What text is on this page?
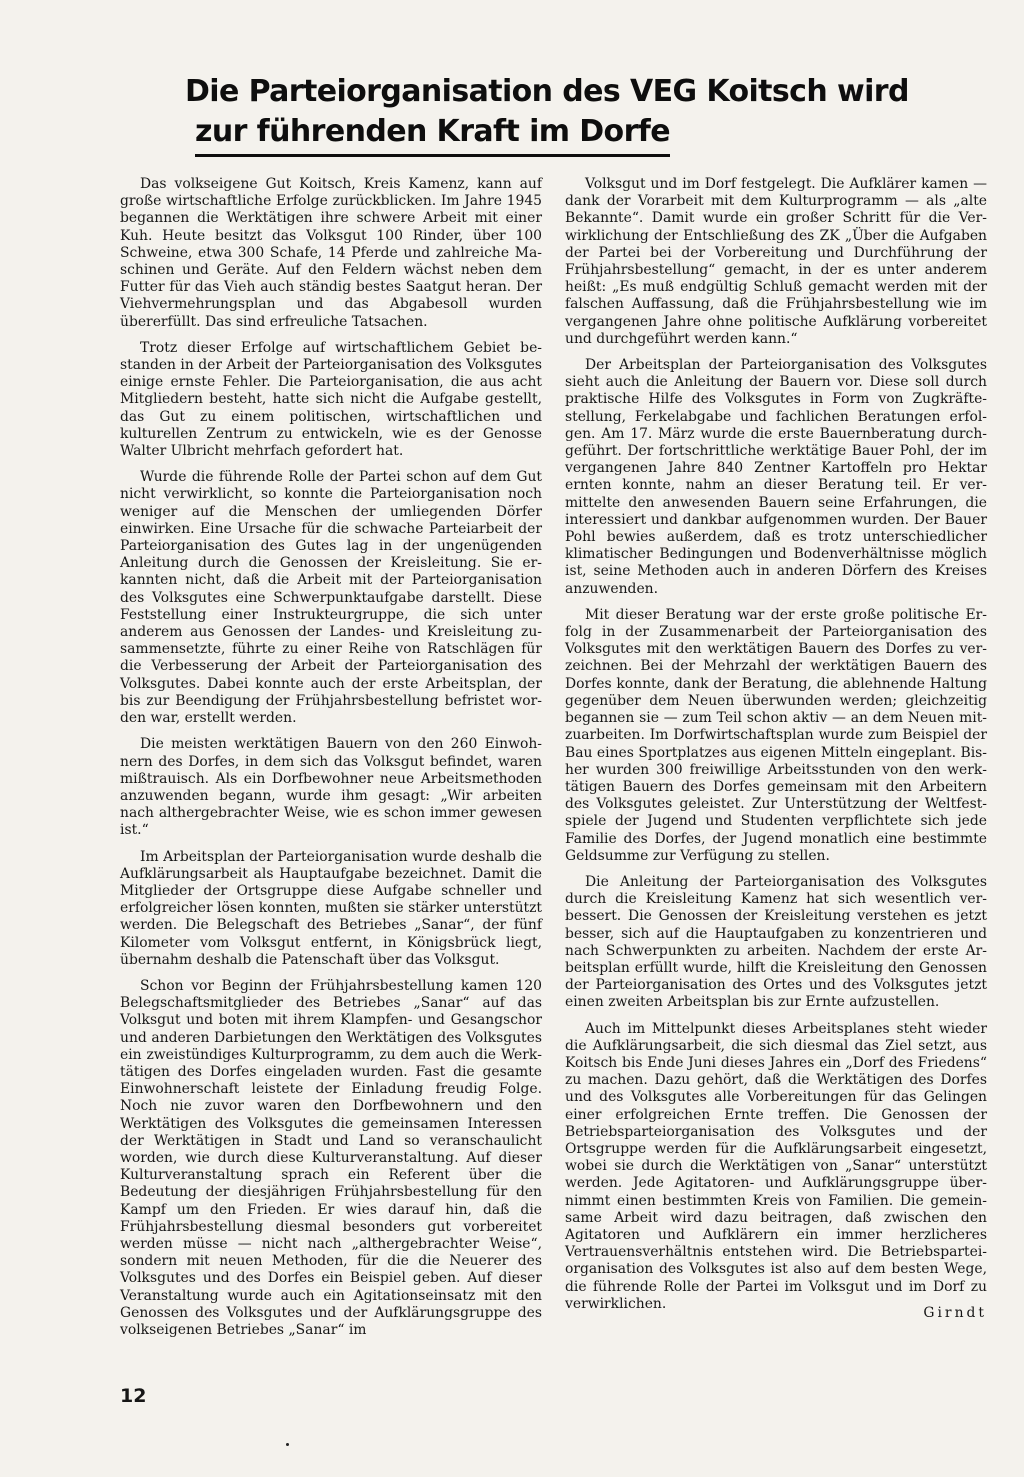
Die Parteiorganisation des VEG Koitsch wird
zur führenden Kraft im Dorfe

Das volkseigene Gut Koitsch, Kreis Kamenz, kann auf große wirtschaftliche Erfolge zurückblicken. Im Jahre 1945 begannen die Werktätigen ihre schwere Arbeit mit einer Kuh. Heute besitzt das Volksgut 100 Rinder, über 100 Schweine, etwa 300 Schafe, 14 Pferde und zahlreiche Maschinen und Geräte. Auf den Feldern wächst neben dem Futter für das Vieh auch ständig bestes Saatgut heran. Der Viehvermehrungsplan und das Abgabesoll wurden übererfüllt. Das sind erfreuliche Tatsachen.

Trotz dieser Erfolge auf wirtschaftlichem Gebiet bestanden in der Arbeit der Parteiorganisation des Volksgutes einige ernste Fehler. Die Parteiorganisation, die aus acht Mitgliedern besteht, hatte sich nicht die Aufgabe gestellt, das Gut zu einem politischen, wirtschaftlichen und kulturellen Zentrum zu entwickeln, wie es der Genosse Walter Ulbricht mehrfach gefordert hat.

Wurde die führende Rolle der Partei schon auf dem Gut nicht verwirklicht, so konnte die Parteiorganisation noch weniger auf die Menschen der umliegenden Dörfer einwirken. Eine Ursache für die schwache Parteiarbeit der Parteiorganisation des Gutes lag in der ungenügenden Anleitung durch die Genossen der Kreisleitung. Sie erkannten nicht, daß die Arbeit mit der Parteiorganisation des Volksgutes eine Schwerpunktaufgabe darstellt. Diese Feststellung einer Instrukteurgruppe, die sich unter anderem aus Genossen der Landes- und Kreisleitung zusammensetzte, führte zu einer Reihe von Ratschlägen für die Verbesserung der Arbeit der Parteiorganisation des Volksgutes. Dabei konnte auch der erste Arbeitsplan, der bis zur Beendigung der Frühjahrsbestellung befristet worden war, erstellt werden.

Die meisten werktätigen Bauern von den 260 Einwohnern des Dorfes, in dem sich das Volksgut befindet, waren mißtrauisch. Als ein Dorfbewohner neue Arbeitsmethoden anzuwenden begann, wurde ihm gesagt: „Wir arbeiten nach althergebrachter Weise, wie es schon immer gewesen ist.“

Im Arbeitsplan der Parteiorganisation wurde deshalb die Aufklärungsarbeit als Hauptaufgabe bezeichnet. Damit die Mitglieder der Ortsgruppe diese Aufgabe schneller und erfolgreicher lösen konnten, mußten sie stärker unterstützt werden. Die Belegschaft des Betriebes „Sanar“, der fünf Kilometer vom Volksgut entfernt, in Königsbrück liegt, übernahm deshalb die Patenschaft über das Volksgut.

Schon vor Beginn der Frühjahrsbestellung kamen 120 Belegschaftsmitglieder des Betriebes „Sanar“ auf das Volksgut und boten mit ihrem Klampfen- und Gesangschor und anderen Darbietungen den Werktätigen des Volksgutes ein zweistündiges Kulturprogramm, zu dem auch die Werktätigen des Dorfes eingeladen wurden. Fast die gesamte Einwohnerschaft leistete der Einladung freudig Folge. Noch nie zuvor waren den Dorfbewohnern und den Werktätigen des Volksgutes die gemeinsamen Interessen der Werktätigen in Stadt und Land so veranschaulicht worden, wie durch diese Kulturveranstaltung. Auf dieser Kulturveranstaltung sprach ein Referent über die Bedeutung der diesjährigen Frühjahrsbestellung für den Kampf um den Frieden. Er wies darauf hin, daß die Frühjahrsbestellung diesmal besonders gut vorbereitet werden müsse — nicht nach „althergebrachter Weise“, sondern mit neuen Methoden, für die die Neuerer des Volksgutes und des Dorfes ein Beispiel geben. Auf dieser Veranstaltung wurde auch ein Agitationseinsatz mit den Genossen des Volksgutes und der Aufklärungsgruppe des volkseigenen Betriebes „Sanar“ im

Volksgut und im Dorf festgelegt. Die Aufklärer kamen — dank der Vorarbeit mit dem Kulturprogramm — als „alte Bekannte“. Damit wurde ein großer Schritt für die Verwirklichung der Entschließung des ZK „Über die Aufgaben der Partei bei der Vorbereitung und Durchführung der Frühjahrsbestellung“ gemacht, in der es unter anderem heißt: „Es muß endgültig Schluß gemacht werden mit der falschen Auffassung, daß die Frühjahrsbestellung wie im vergangenen Jahre ohne politische Aufklärung vorbereitet und durchgeführt werden kann.“

Der Arbeitsplan der Parteiorganisation des Volksgutes sieht auch die Anleitung der Bauern vor. Diese soll durch praktische Hilfe des Volksgutes in Form von Zugkräftestellung, Ferkelabgabe und fachlichen Beratungen erfolgen. Am 17. März wurde die erste Bauernberatung durchgeführt. Der fortschrittliche werktätige Bauer Pohl, der im vergangenen Jahre 840 Zentner Kartoffeln pro Hektar ernten konnte, nahm an dieser Beratung teil. Er vermittelte den anwesenden Bauern seine Erfahrungen, die interessiert und dankbar aufgenommen wurden. Der Bauer Pohl bewies außerdem, daß es trotz unterschiedlicher klimatischer Bedingungen und Bodenverhältnisse möglich ist, seine Methoden auch in anderen Dörfern des Kreises anzuwenden.

Mit dieser Beratung war der erste große politische Erfolg in der Zusammenarbeit der Parteiorganisation des Volksgutes mit den werktätigen Bauern des Dorfes zu verzeichnen. Bei der Mehrzahl der werktätigen Bauern des Dorfes konnte, dank der Beratung, die ablehnende Haltung gegenüber dem Neuen überwunden werden; gleichzeitig begannen sie — zum Teil schon aktiv — an dem Neuen mitzuarbeiten. Im Dorfwirtschaftsplan wurde zum Beispiel der Bau eines Sportplatzes aus eigenen Mitteln eingeplant. Bisher wurden 300 freiwillige Arbeitsstunden von den werktätigen Bauern des Dorfes gemeinsam mit den Arbeitern des Volksgutes geleistet. Zur Unterstützung der Weltfestspiele der Jugend und Studenten verpflichtete sich jede Familie des Dorfes, der Jugend monatlich eine bestimmte Geldsumme zur Verfügung zu stellen.

Die Anleitung der Parteiorganisation des Volksgutes durch die Kreisleitung Kamenz hat sich wesentlich verbessert. Die Genossen der Kreisleitung verstehen es jetzt besser, sich auf die Hauptaufgaben zu konzentrieren und nach Schwerpunkten zu arbeiten. Nachdem der erste Arbeitsplan erfüllt wurde, hilft die Kreisleitung den Genossen der Parteiorganisation des Ortes und des Volksgutes jetzt einen zweiten Arbeitsplan bis zur Ernte aufzustellen.

Auch im Mittelpunkt dieses Arbeitsplanes steht wieder die Aufklärungsarbeit, die sich diesmal das Ziel setzt, aus Koitsch bis Ende Juni dieses Jahres ein „Dorf des Friedens“ zu machen. Dazu gehört, daß die Werktätigen des Dorfes und des Volksgutes alle Vorbereitungen für das Gelingen einer erfolgreichen Ernte treffen. Die Genossen der Betriebsparteiorganisation des Volksgutes und der Ortsgruppe werden für die Aufklärungsarbeit eingesetzt, wobei sie durch die Werktätigen von „Sanar“ unterstützt werden. Jede Agitatoren- und Aufklärungsgruppe übernimmt einen bestimmten Kreis von Familien. Die gemeinsame Arbeit wird dazu beitragen, daß zwischen den Agitatoren und Aufklärern ein immer herzlicheres Vertrauensverhältnis entstehen wird. Die Betriebsparteiorganisation des Volksgutes ist also auf dem besten Wege, die führende Rolle der Partei im Volksgut und im Dorf zu verwirklichen.

Girndt
12
